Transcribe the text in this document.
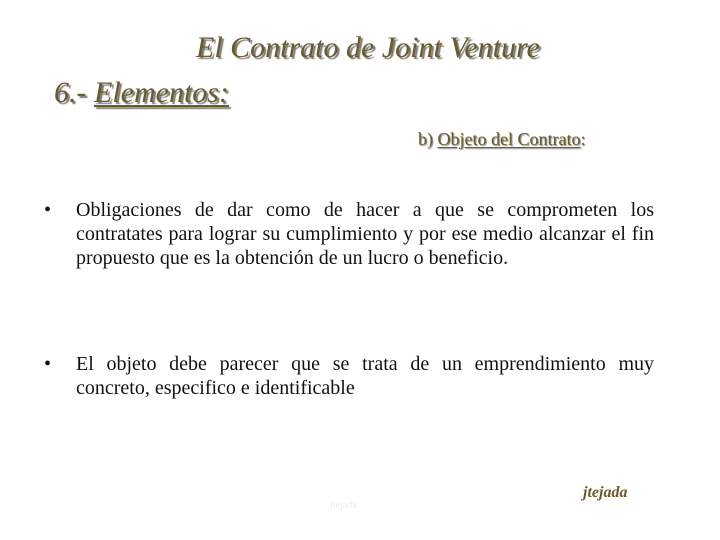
El Contrato de Joint Venture
6.- Elementos:
b) Objeto del Contrato:
•	Obligaciones de dar como de hacer a que se comprometen los contratates para lograr su cumplimiento y por ese medio alcanzar el fin propuesto que es la obtención de un lucro o beneficio.
•	El objeto debe parecer que se trata de un emprendimiento muy concreto, especifico e identificable
jtejada
jtejada
